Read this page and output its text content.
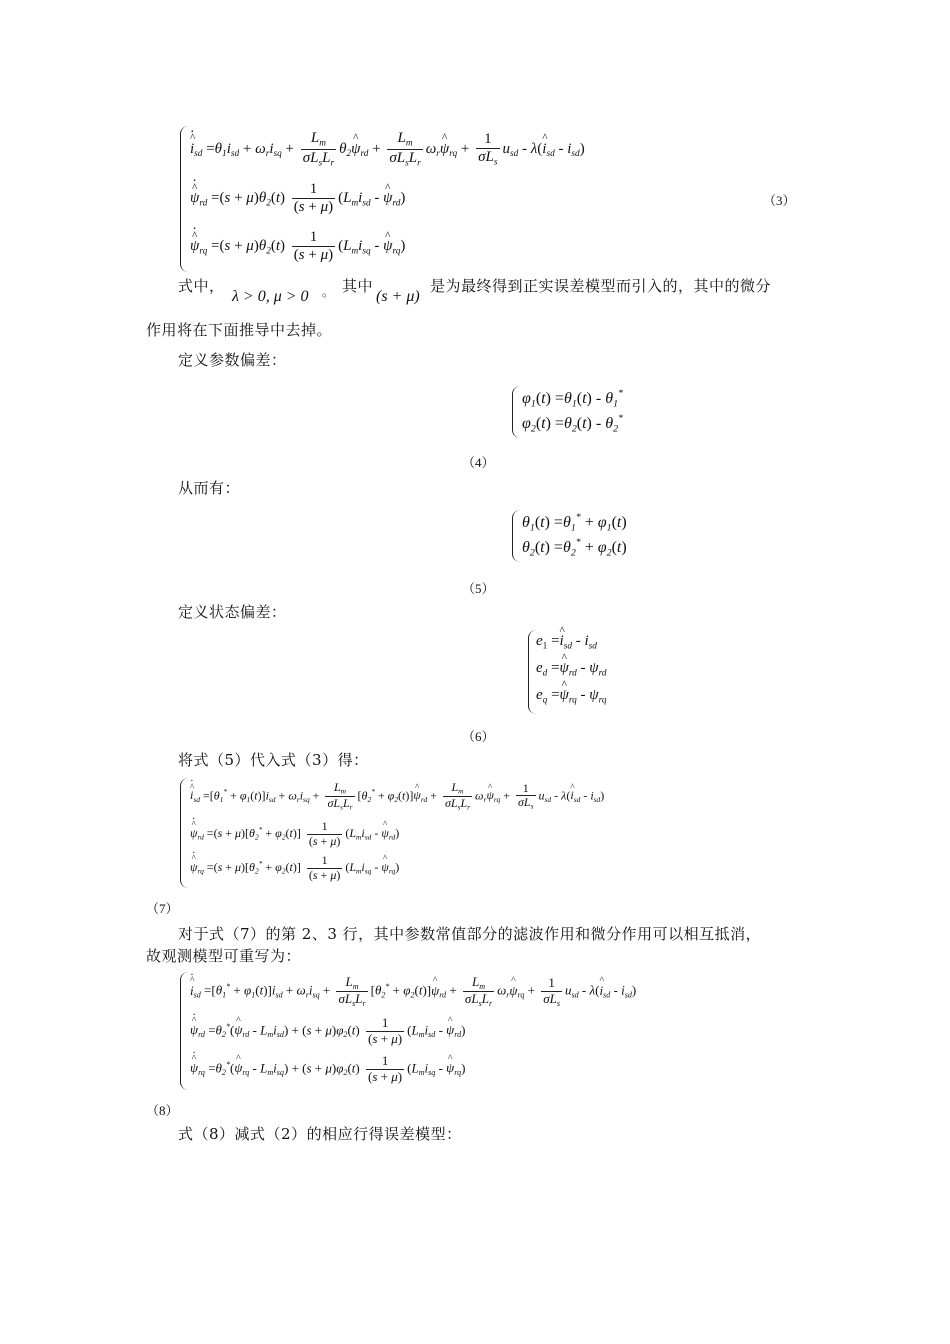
^ $i \cdot_{sd} =\theta_1i_{sd} + \omega_ri_{sq} + \frac{L_m}{\sigma L_sL_r}$ $\theta_2\^{}$ $\psi_{rd} + \frac{L_m}{\sigma L_sL_r}$ $\omega_r\^{}$ $\psi_{rq} + \frac{1}{\sigma L_s} u_{sd}$ - λ(^ $i_{sd} - i_{sd}$)
^ $\psi \cdot_{rd} =(s + \mu)\theta_2(t) \frac{1}{(s + \mu)} (L_mi_{sd}$ - ^ $\psi_{rd}$)
^ $\psi \cdot_{rq} =(s + \mu)\theta_2(t) \frac{1}{(s + \mu)} (L_mi_{sq}$ - ^ $\psi_{rq}$)
（3）
式中，
λ > 0, μ > 0 。 其中
(s + μ)
是为最终得到正实误差模型而引入的，其中的微分
作用将在下面推导中去掉。
定义参数偏差：
$\varphi_1(t) =\theta_1(t) - \theta_1^*$
$\varphi_2(t) =\theta_2(t) - \theta_2^*$
（4）
从而有：
$\theta_1(t) =\theta_1^* + \varphi_1(t)$
$\theta_2(t) =\theta_2^* + \varphi_2(t)$
（5）
定义状态偏差：
$e_1$ =^ $i_{sd} - i_{sd}$
$e_d$ =^ $\psi_{rd} - \psi_{rd}$
$e_q$ =^ $\psi_{rq} - \psi_{rq}$
（6）
将式（5）代入式（3）得：
^ $i \cdot_{sd} =[\theta_1^* + \varphi_1(t)]i_{sd} + \omega_ri_{sq} + \frac{L_m}{\sigma L_sL_r} [\theta_2^*$ + $\varphi_2(t)]\^{}$ $\psi_{rd} + \frac{L_m}{\sigma L_sL_r}$ $\omega_r\^{}$ $\psi_{rq} + \frac{1}{\sigma L_s} u_{sd}$ - λ(^ $i_{sd} - i_{sd}$)
^ $\psi \cdot_{rd} =(s + \mu)[\theta_2^* + \varphi_2(t)] \frac{1}{(s + \mu)} (L_mi_{sd}$ - ^ $\psi_{rd}$)
^ $\psi \cdot_{rq} =(s + \mu)[\theta_2^* + \varphi_2(t)] \frac{1}{(s + \mu)} (L_mi_{sq}$ - ^ $\psi_{rq}$)
（7）
对于式（7）的第 2、3 行，其中参数常值部分的滤波作用和微分作用可以相互抵消，
故观测模型可重写为：
^ $i \cdot_{sd} =[\theta_1^* + \varphi_1(t)]i_{sd} + \omega_ri_{sq} + \frac{L_m}{\sigma L_sL_r} [\theta_2^*$ + $\varphi_2(t)]\^{}$ $\psi_{rd} + \frac{L_m}{\sigma L_sL_r}$ $\omega_r\^{}$ $\psi_{rq} + \frac{1}{\sigma L_s} u_{sd}$ - λ(^ $i_{sd} - i_{sd}$)
^ $\psi \cdot_{rd}$ $=\theta_2^*(\^{}$ $\psi_{rd} - L_mi_{sd}) + (s + \mu)\varphi_2(t) \frac{1}{(s + \mu)} (L_mi_{sd}$ - ^ $\psi_{rd}$)
^ $\psi \cdot_{rq}$ $=\theta_2^*(\^{}$ $\psi_{rq} - L_mi_{sq}) + (s + \mu)\varphi_2(t) \frac{1}{(s + \mu)} (L_mi_{sq}$ - ^ $\psi_{rq}$)
（8）
式（8）减式（2）的相应行得误差模型：
